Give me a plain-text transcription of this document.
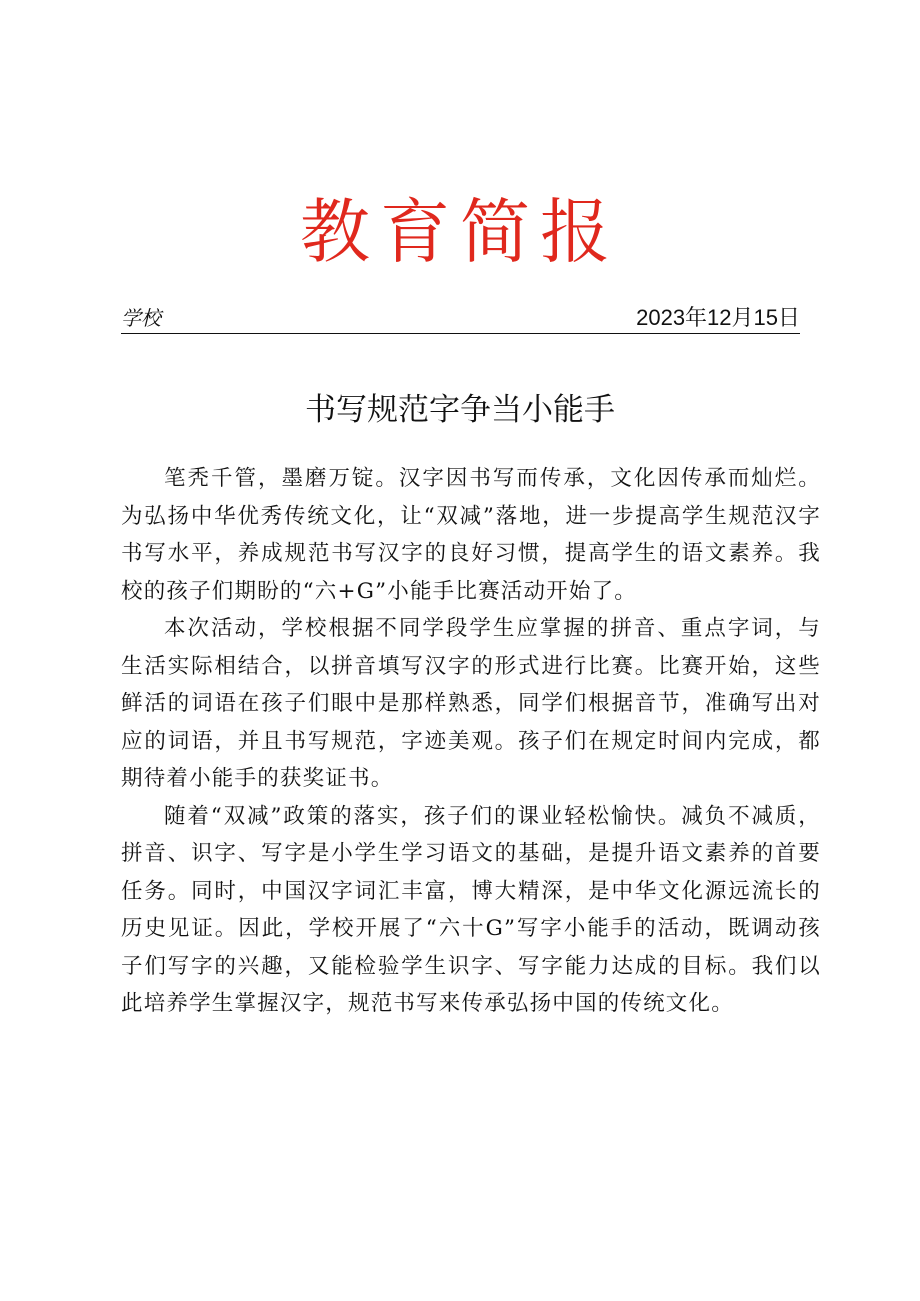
教育简报
学校	2023年12月15日
书写规范字争当小能手

笔秃千管，墨磨万锭。汉字因书写而传承，文化因传承而灿烂。为弘扬中华优秀传统文化，让“双减”落地，进一步提高学生规范汉字书写水平，养成规范书写汉字的良好习惯，提高学生的语文素养。我校的孩子们期盼的“六+G”小能手比赛活动开始了。

本次活动，学校根据不同学段学生应掌握的拼音、重点字词，与生活实际相结合，以拼音填写汉字的形式进行比赛。比赛开始，这些鲜活的词语在孩子们眼中是那样熟悉，同学们根据音节，准确写出对应的词语，并且书写规范，字迹美观。孩子们在规定时间内完成，都期待着小能手的获奖证书。

随着“双减”政策的落实，孩子们的课业轻松愉快。减负不减质，拼音、识字、写字是小学生学习语文的基础，是提升语文素养的首要任务。同时，中国汉字词汇丰富，博大精深，是中华文化源远流长的历史见证。因此，学校开展了“六十G”写字小能手的活动，既调动孩子们写字的兴趣，又能检验学生识字、写字能力达成的目标。我们以此培养学生掌握汉字，规范书写来传承弘扬中国的传统文化。
